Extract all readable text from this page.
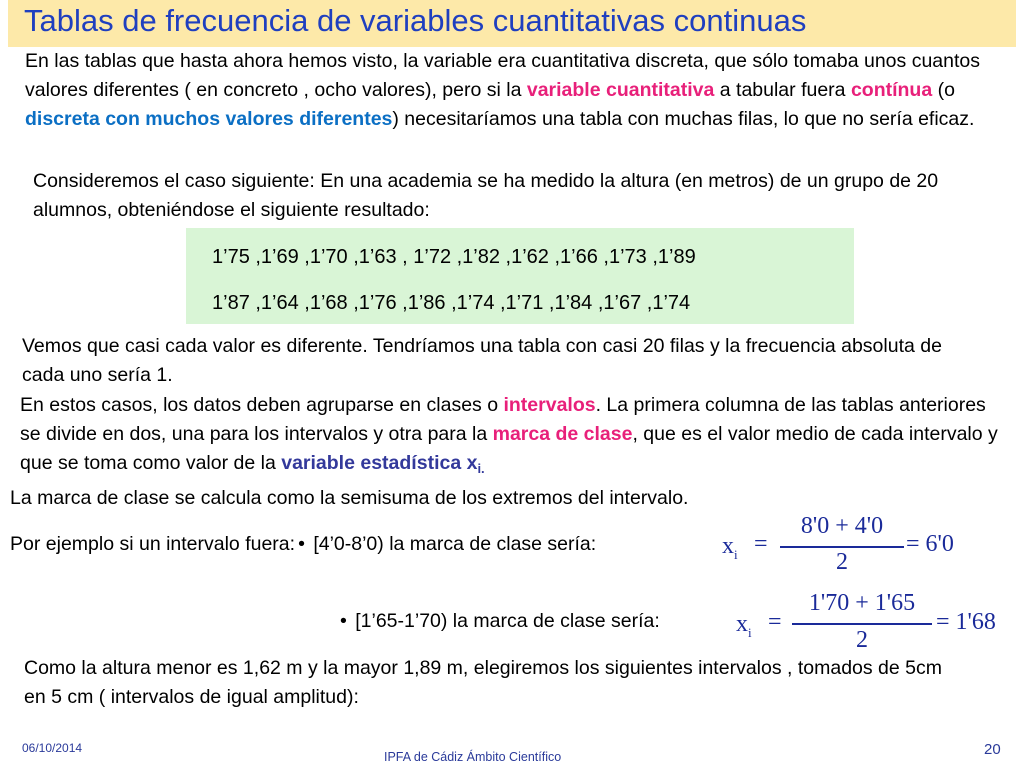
Tablas de frecuencia de variables cuantitativas continuas
En las tablas que hasta ahora hemos visto, la variable era cuantitativa discreta, que sólo tomaba unos cuantos valores diferentes ( en concreto , ocho valores), pero si la variable cuantitativa a tabular fuera contínua (o discreta con muchos valores diferentes) necesitaríamos una tabla con muchas filas, lo que no sería eficaz.
Consideremos el caso siguiente: En una academia se ha medido la altura (en metros) de un grupo de 20 alumnos, obteniéndose el siguiente resultado:
1’75 ,1’69 ,1’70 ,1’63 , 1’72 ,1’82 ,1’62 ,1’66 ,1’73 ,1’89
1’87 ,1’64 ,1’68 ,1’76 ,1’86 ,1’74 ,1’71 ,1’84 ,1’67 ,1’74
Vemos que casi cada valor es diferente. Tendríamos una tabla con casi 20 filas y la frecuencia absoluta de cada uno sería 1.
En estos casos, los datos deben agruparse en clases o intervalos. La primera columna de las tablas anteriores se divide en dos, una para los intervalos y otra para la marca de clase, que es el valor medio de cada intervalo y que se toma como valor de la variable estadística $x_{i.}$
La marca de clase se calcula como la semisuma de los extremos del intervalo.
Por ejemplo si un intervalo fuera: • [4’0-8’0) la marca de clase sería:	$x_i$ =
8'0 + 4'0
2
= 6'0
• [1’65-1’70) la marca de clase sería:	$x_i$ =
1'70 + 1'65
2
= 1'68
Como la altura menor es 1,62 m y la mayor 1,89 m, elegiremos los siguientes intervalos , tomados de 5cm en 5 cm ( intervalos de igual amplitud):
06/10/2014
IPFA de Cádiz Ámbito Científico	20
